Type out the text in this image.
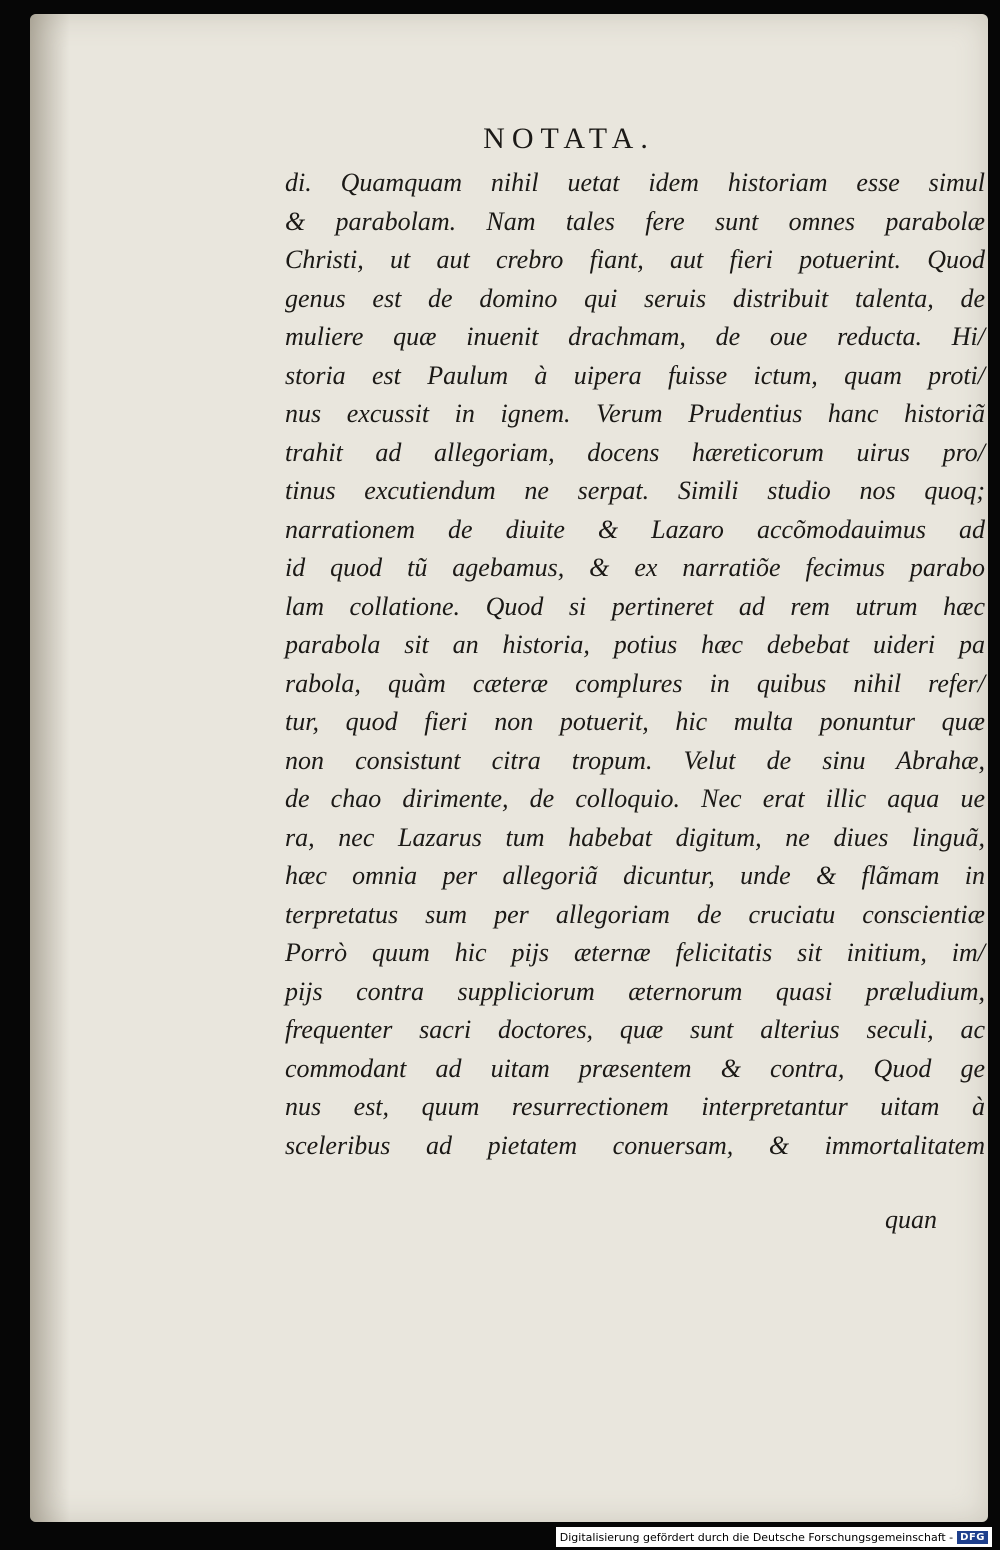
NOTATA.
di. Quamquam nihil uetat idem historiam esse simul
& parabolam. Nam tales fere sunt omnes parabolæ
Christi, ut aut crebro fiant, aut fieri potuerint. Quod
genus est de domino qui seruis distribuit talenta, de
muliere quæ inuenit drachmam, de oue reducta. Hi/
storia est Paulum à uipera fuisse ictum, quam proti/
nus excussit in ignem. Verum Prudentius hanc historiã
trahit ad allegoriam, docens hæreticorum uirus pro/
tinus excutiendum ne serpat. Simili studio nos quoq;
narrationem de diuite & Lazaro accõmodauimus ad
id quod tũ agebamus, & ex narratiõe fecimus parabo
lam collatione. Quod si pertineret ad rem utrum hæc
parabola sit an historia, potius hæc debebat uideri pa
rabola, quàm cæteræ complures in quibus nihil refer/
tur, quod fieri non potuerit, hic multa ponuntur quæ
non consistunt citra tropum. Velut de sinu Abrahæ,
de chao dirimente, de colloquio. Nec erat illic aqua ue
ra, nec Lazarus tum habebat digitum, ne diues linguã,
hæc omnia per allegoriã dicuntur, unde & flãmam in
terpretatus sum per allegoriam de cruciatu conscientiæ
Porrò quum hic pijs æternæ felicitatis sit initium, im/
pijs contra suppliciorum æternorum quasi præludium,
frequenter sacri doctores, quæ sunt alterius seculi, ac
commodant ad uitam præsentem & contra, Quod ge
nus est, quum resurrectionem interpretantur uitam à
sceleribus ad pietatem conuersam, & immortalitatem
quan
Digitalisierung gefördert durch die Deutsche Forschungsgemeinschaft - DFG
